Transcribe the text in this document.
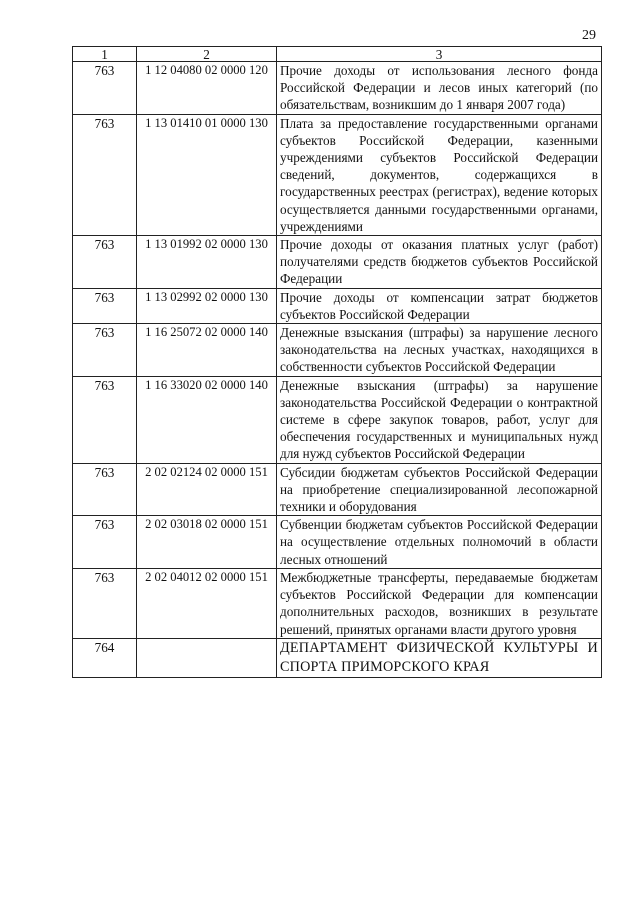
29
1	2	3
763	1 12 04080 02 0000 120	Прочие доходы от использования лесного фонда Российской Федерации и лесов иных категорий (по обязательствам, возникшим до 1 января 2007 года)
763	1 13 01410 01 0000 130	Плата за предоставление государственными органами субъектов Российской Федерации, казенными учреждениями субъектов Российской Федерации сведений, документов, содержащихся в государственных реестрах (регистрах), ведение которых осуществляется данными государственными органами, учреждениями
763	1 13 01992 02 0000 130	Прочие доходы от оказания платных услуг (работ) получателями средств бюджетов субъектов Российской Федерации
763	1 13 02992 02 0000 130	Прочие доходы от компенсации затрат бюджетов субъектов Российской Федерации
763	1 16 25072 02 0000 140	Денежные взыскания (штрафы) за нарушение лесного законодательства на лесных участках, находящихся в собственности субъектов Российской Федерации
763	1 16 33020 02 0000 140	Денежные взыскания (штрафы) за нарушение законодательства Российской Федерации о контрактной системе в сфере закупок товаров, работ, услуг для обеспечения государственных и муниципальных нужд для нужд субъектов Российской Федерации
763	2 02 02124 02 0000 151	Субсидии бюджетам субъектов Российской Федерации на приобретение специализированной лесопожарной техники и оборудования
763	2 02 03018 02 0000 151	Субвенции бюджетам субъектов Российской Федерации на осуществление отдельных полномочий в области лесных отношений
763	2 02 04012 02 0000 151	Межбюджетные трансферты, передаваемые бюджетам субъектов Российской Федерации для компенсации дополнительных расходов, возникших в результате решений, принятых органами власти другого уровня
764		ДЕПАРТАМЕНТ ФИЗИЧЕСКОЙ КУЛЬТУРЫ И СПОРТА ПРИМОРСКОГО КРАЯ
